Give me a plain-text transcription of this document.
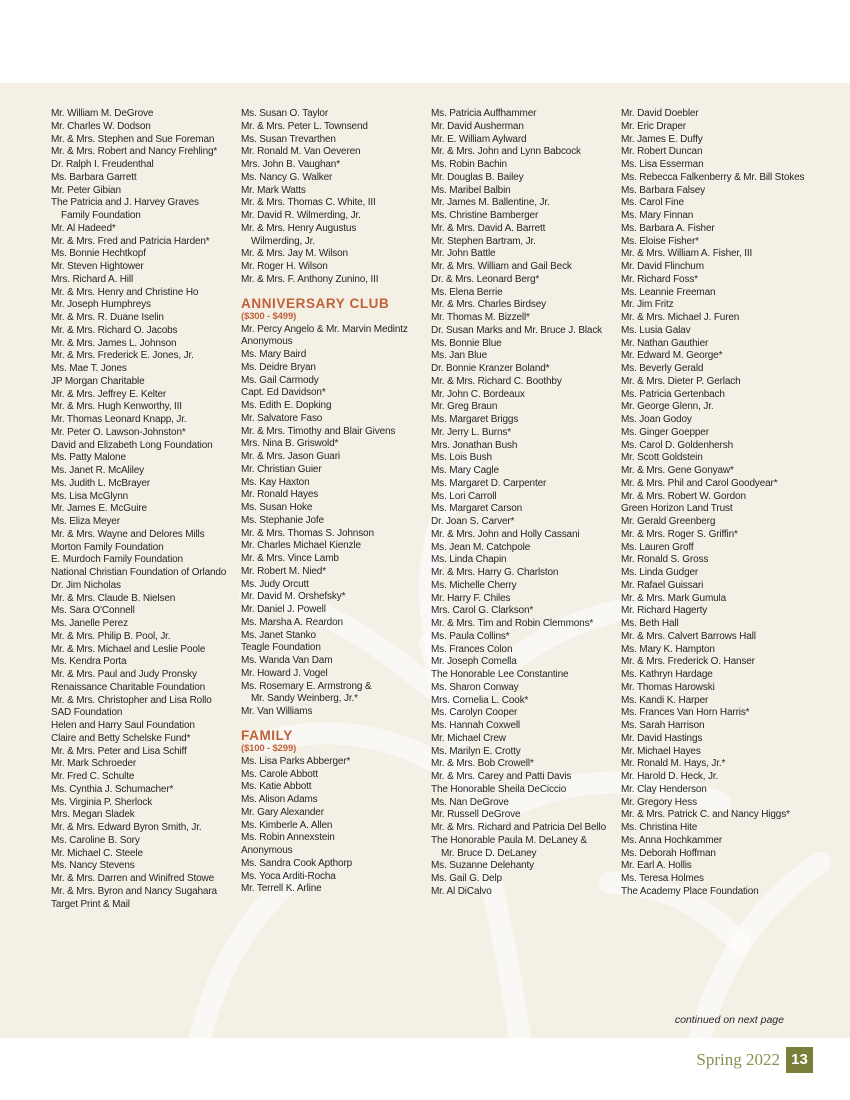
Mr. William M. DeGrove
Mr. Charles W. Dodson
Mr. & Mrs. Stephen and Sue Foreman
Mr. & Mrs. Robert and Nancy Frehling*
Dr. Ralph I. Freudenthal
Ms. Barbara Garrett
Mr. Peter Gibian
The Patricia and J. Harvey Graves
Family Foundation
Mr. Al Hadeed*
Mr. & Mrs. Fred and Patricia Harden*
Ms. Bonnie Hechtkopf
Mr. Steven Hightower
Mrs. Richard A. Hill
Mr. & Mrs. Henry and Christine Ho
Mr. Joseph Humphreys
Mr. & Mrs. R. Duane Iselin
Mr. & Mrs. Richard O. Jacobs
Mr. & Mrs. James L. Johnson
Mr. & Mrs. Frederick E. Jones, Jr.
Ms. Mae T. Jones
JP Morgan Charitable
Mr. & Mrs. Jeffrey E. Kelter
Mr. & Mrs. Hugh Kenworthy, III
Mr. Thomas Leonard Knapp, Jr.
Mr. Peter O. Lawson-Johnston*
David and Elizabeth Long Foundation
Ms. Patty Malone
Ms. Janet R. McAliley
Ms. Judith L. McBrayer
Ms. Lisa McGlynn
Mr. James E. McGuire
Ms. Eliza Meyer
Mr. & Mrs. Wayne and Delores Mills
Morton Family Foundation
E. Murdoch Family Foundation
National Christian Foundation of Orlando
Dr. Jim Nicholas
Mr. & Mrs. Claude B. Nielsen
Ms. Sara O'Connell
Ms. Janelle Perez
Mr. & Mrs. Philip B. Pool, Jr.
Mr. & Mrs. Michael and Leslie Poole
Ms. Kendra Porta
Mr. & Mrs. Paul and Judy Pronsky
Renaissance Charitable Foundation
Mr. & Mrs. Christopher and Lisa Rollo
SAD Foundation
Helen and Harry Saul Foundation
Claire and Betty Schelske Fund*
Mr. & Mrs. Peter and Lisa Schiff
Mr. Mark Schroeder
Mr. Fred C. Schulte
Ms. Cynthia J. Schumacher*
Ms. Virginia P. Sherlock
Mrs. Megan Sladek
Mr. & Mrs. Edward Byron Smith, Jr.
Ms. Caroline B. Sory
Mr. Michael C. Steele
Ms. Nancy Stevens
Mr. & Mrs. Darren and Winifred Stowe
Mr. & Mrs. Byron and Nancy Sugahara
Target Print & Mail
Ms. Susan O. Taylor
Mr. & Mrs. Peter L. Townsend
Ms. Susan Trevarthen
Mr. Ronald M. Van Oeveren
Mrs. John B. Vaughan*
Ms. Nancy G. Walker
Mr. Mark Watts
Mr. & Mrs. Thomas C. White, III
Mr. David R. Wilmerding, Jr.
Mr. & Mrs. Henry Augustus
Wilmerding, Jr.
Mr. & Mrs. Jay M. Wilson
Mr. Roger H. Wilson
Mr. & Mrs. F. Anthony Zunino, III
ANNIVERSARY CLUB
($300 - $499)
Mr. Percy Angelo & Mr. Marvin Medintz
Anonymous
Ms. Mary Baird
Ms. Deidre Bryan
Ms. Gail Carmody
Capt. Ed Davidson*
Ms. Edith E. Dopking
Mr. Salvatore Faso
Mr. & Mrs. Timothy and Blair Givens
Mrs. Nina B. Griswold*
Mr. & Mrs. Jason Guari
Mr. Christian Guier
Ms. Kay Haxton
Mr. Ronald Hayes
Ms. Susan Hoke
Ms. Stephanie Jofe
Mr. & Mrs. Thomas S. Johnson
Mr. Charles Michael Kienzle
Mr. & Mrs. Vince Lamb
Mr. Robert M. Nied*
Ms. Judy Orcutt
Mr. David M. Orshefsky*
Mr. Daniel J. Powell
Ms. Marsha A. Reardon
Ms. Janet Stanko
Teagle Foundation
Ms. Wanda Van Dam
Mr. Howard J. Vogel
Ms. Rosemary E. Armstrong &
Mr. Sandy Weinberg, Jr.*
Mr. Van Williams
FAMILY
($100 - $299)
Ms. Lisa Parks Abberger*
Ms. Carole Abbott
Ms. Katie Abbott
Ms. Alison Adams
Mr. Gary Alexander
Ms. Kimberle A. Allen
Ms. Robin Annexstein
Anonymous
Ms. Sandra Cook Apthorp
Ms. Yoca Arditi-Rocha
Mr. Terrell K. Arline
Ms. Patricia Auffhammer
Mr. David Ausherman
Mr. E. William Aylward
Mr. & Mrs. John and Lynn Babcock
Ms. Robin Bachin
Mr. Douglas B. Bailey
Ms. Maribel Balbin
Mr. James M. Ballentine, Jr.
Ms. Christine Bamberger
Mr. & Mrs. David A. Barrett
Mr. Stephen Bartram, Jr.
Mr. John Battle
Mr. & Mrs. William and Gail Beck
Dr. & Mrs. Leonard Berg*
Ms. Elena Berrie
Mr. & Mrs. Charles Birdsey
Mr. Thomas M. Bizzell*
Dr. Susan Marks and Mr. Bruce J. Black
Ms. Bonnie Blue
Ms. Jan Blue
Dr. Bonnie Kranzer Boland*
Mr. & Mrs. Richard C. Boothby
Mr. John C. Bordeaux
Mr. Greg Braun
Ms. Margaret Briggs
Mr. Jerry L. Burns*
Mrs. Jonathan Bush
Ms. Lois Bush
Ms. Mary Cagle
Ms. Margaret D. Carpenter
Ms. Lori Carroll
Ms. Margaret Carson
Dr. Joan S. Carver*
Mr. & Mrs. John and Holly Cassani
Ms. Jean M. Catchpole
Ms. Linda Chapin
Mr. & Mrs. Harry G. Charlston
Ms. Michelle Cherry
Mr. Harry F. Chiles
Mrs. Carol G. Clarkson*
Mr. & Mrs. Tim and Robin Clemmons*
Ms. Paula Collins*
Ms. Frances Colon
Mr. Joseph Comella
The Honorable Lee Constantine
Ms. Sharon Conway
Mrs. Cornelia L. Cook*
Ms. Carolyn Cooper
Ms. Hannah Coxwell
Mr. Michael Crew
Ms. Marilyn E. Crotty
Mr. & Mrs. Bob Crowell*
Mr. & Mrs. Carey and Patti Davis
The Honorable Sheila DeCiccio
Ms. Nan DeGrove
Mr. Russell DeGrove
Mr. & Mrs. Richard and Patricia Del Bello
The Honorable Paula M. DeLaney &
Mr. Bruce D. DeLaney
Ms. Suzanne Delehanty
Ms. Gail G. Delp
Mr. Al DiCalvo
Mr. David Doebler
Mr. Eric Draper
Mr. James E. Duffy
Mr. Robert Duncan
Ms. Lisa Esserman
Ms. Rebecca Falkenberry & Mr. Bill Stokes
Ms. Barbara Falsey
Ms. Carol Fine
Ms. Mary Finnan
Ms. Barbara A. Fisher
Ms. Eloise Fisher*
Mr. & Mrs. William A. Fisher, III
Mr. David Flinchum
Mr. Richard Foss*
Ms. Leannie Freeman
Mr. Jim Fritz
Mr. & Mrs. Michael J. Furen
Ms. Lusia Galav
Mr. Nathan Gauthier
Mr. Edward M. George*
Ms. Beverly Gerald
Mr. & Mrs. Dieter P. Gerlach
Ms. Patricia Gertenbach
Mr. George Glenn, Jr.
Ms. Joan Godoy
Ms. Ginger Goepper
Ms. Carol D. Goldenhersh
Mr. Scott Goldstein
Mr. & Mrs. Gene Gonyaw*
Mr. & Mrs. Phil and Carol Goodyear*
Mr. & Mrs. Robert W. Gordon
Green Horizon Land Trust
Mr. Gerald Greenberg
Mr. & Mrs. Roger S. Griffin*
Ms. Lauren Groff
Mr. Ronald S. Gross
Ms. Linda Gudger
Mr. Rafael Guissari
Mr. & Mrs. Mark Gumula
Mr. Richard Hagerty
Ms. Beth Hall
Mr. & Mrs. Calvert Barrows Hall
Ms. Mary K. Hampton
Mr. & Mrs. Frederick O. Hanser
Ms. Kathryn Hardage
Mr. Thomas Harowski
Ms. Kandi K. Harper
Ms. Frances Van Horn Harris*
Ms. Sarah Harrison
Mr. David Hastings
Mr. Michael Hayes
Mr. Ronald M. Hays, Jr.*
Mr. Harold D. Heck, Jr.
Mr. Clay Henderson
Mr. Gregory Hess
Mr. & Mrs. Patrick C. and Nancy Higgs*
Ms. Christina Hite
Ms. Anna Hochkammer
Ms. Deborah Hoffman
Mr. Earl A. Hollis
Ms. Teresa Holmes
The Academy Place Foundation
continued on next page
Spring 2022 13
